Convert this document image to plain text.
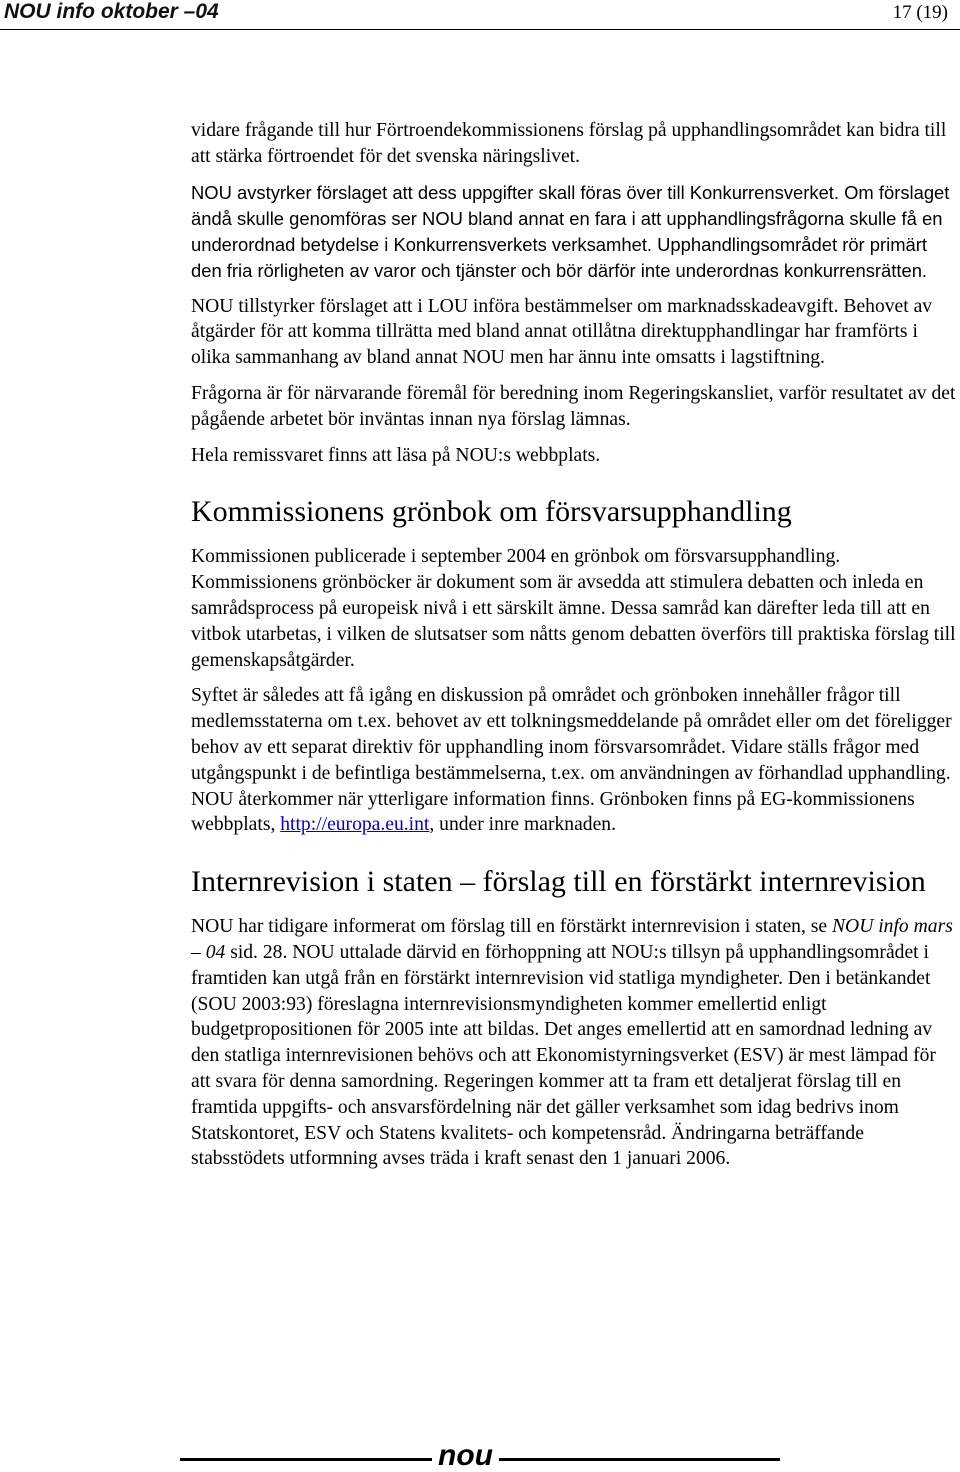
NOU info oktober –04	17 (19)

vidare frågande till hur Förtroendekommissionens förslag på upphandlingsområdet kan bidra till att stärka förtroendet för det svenska näringslivet.

NOU avstyrker förslaget att dess uppgifter skall föras över till Konkurrensverket. Om förslaget ändå skulle genomföras ser NOU bland annat en fara i att upphandlingsfrågorna skulle få en underordnad betydelse i Konkurrensverkets verksamhet. Upphandlingsområdet rör primärt den fria rörligheten av varor och tjänster och bör därför inte underordnas konkurrensrätten.

NOU tillstyrker förslaget att i LOU införa bestämmelser om marknadsskadeavgift. Behovet av åtgärder för att komma tillrätta med bland annat otillåtna direktupphandlingar har framförts i olika sammanhang av bland annat NOU men har ännu inte omsatts i lagstiftning.

Frågorna är för närvarande föremål för beredning inom Regeringskansliet, varför resultatet av det pågående arbetet bör inväntas innan nya förslag lämnas.

Hela remissvaret finns att läsa på NOU:s webbplats.

Kommissionens grönbok om försvarsupphandling

Kommissionen publicerade i september 2004 en grönbok om försvarsupphandling. Kommissionens grönböcker är dokument som är avsedda att stimulera debatten och inleda en samrådsprocess på europeisk nivå i ett särskilt ämne. Dessa samråd kan därefter leda till att en vitbok utarbetas, i vilken de slutsatser som nåtts genom debatten överförs till praktiska förslag till gemenskapsåtgärder.

Syftet är således att få igång en diskussion på området och grönboken innehåller frågor till medlemsstaterna om t.ex. behovet av ett tolkningsmeddelande på området eller om det föreligger behov av ett separat direktiv för upphandling inom försvarsområdet. Vidare ställs frågor med utgångspunkt i de befintliga bestämmelserna, t.ex. om användningen av förhandlad upphandling. NOU återkommer när ytterligare information finns. Grönboken finns på EG-kommissionens webbplats, http://europa.eu.int, under inre marknaden.

Internrevision i staten – förslag till en förstärkt internrevision

NOU har tidigare informerat om förslag till en förstärkt internrevision i staten, se NOU info mars – 04 sid. 28. NOU uttalade därvid en förhoppning att NOU:s tillsyn på upphandlingsområdet i framtiden kan utgå från en förstärkt internrevision vid statliga myndigheter. Den i betänkandet (SOU 2003:93) föreslagna internrevisionsmyndigheten kommer emellertid enligt budgetpropositionen för 2005 inte att bildas. Det anges emellertid att en samordnad ledning av den statliga internrevisionen behövs och att Ekonomistyrningsverket (ESV) är mest lämpad för att svara för denna samordning. Regeringen kommer att ta fram ett detaljerat förslag till en framtida uppgifts- och ansvarsfördelning när det gäller verksamhet som idag bedrivs inom Statskontoret, ESV och Statens kvalitets- och kompetensråd. Ändringarna beträffande stabsstödets utformning avses träda i kraft senast den 1 januari 2006.

nou
